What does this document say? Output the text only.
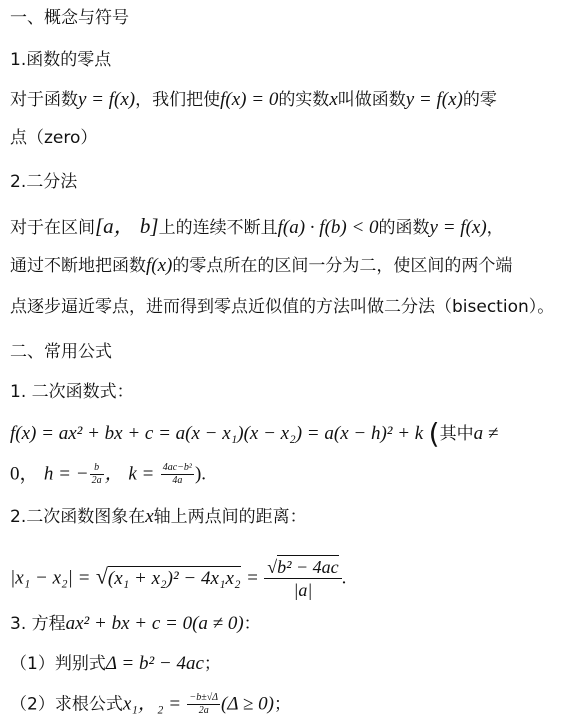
一、概念与符号
1.函数的零点
对于函数y = f(x)，我们把使f(x) = 0的实数x叫做函数y = f(x)的零
点（zero）
2.二分法
对于在区间[a， b]上的连续不断且f(a) · f(b) < 0的函数y = f(x)，
通过不断地把函数f(x)的零点所在的区间一分为二，使区间的两个端
点逐步逼近零点，进而得到零点近似值的方法叫做二分法（bisection）。
二、常用公式
1. 二次函数式：
f(x) = ax² + bx + c = a(x − x₁)(x − x₂) = a(x − h)² + k (其中a ≠
0， h = − $\frac{b}{2a}$ ， $k = \frac{\text{4ac−b²}}{4a}$ ).
2.二次函数图象在x轴上两点间的距离：
$|x_1 - x_2| = √(x_1 + x_2)^2 - 4x_1x_2 = \frac{\text{√b² − 4ac}}{|a|}$ .
3. 方程ax² + bx + c = 0(a ≠ 0)：
（1）判别式Δ = b² − 4ac；
（2）求根公式x₁，$_2 = \frac{-b\pm√\Delta}{2a} (\Delta \ge 0)$；
